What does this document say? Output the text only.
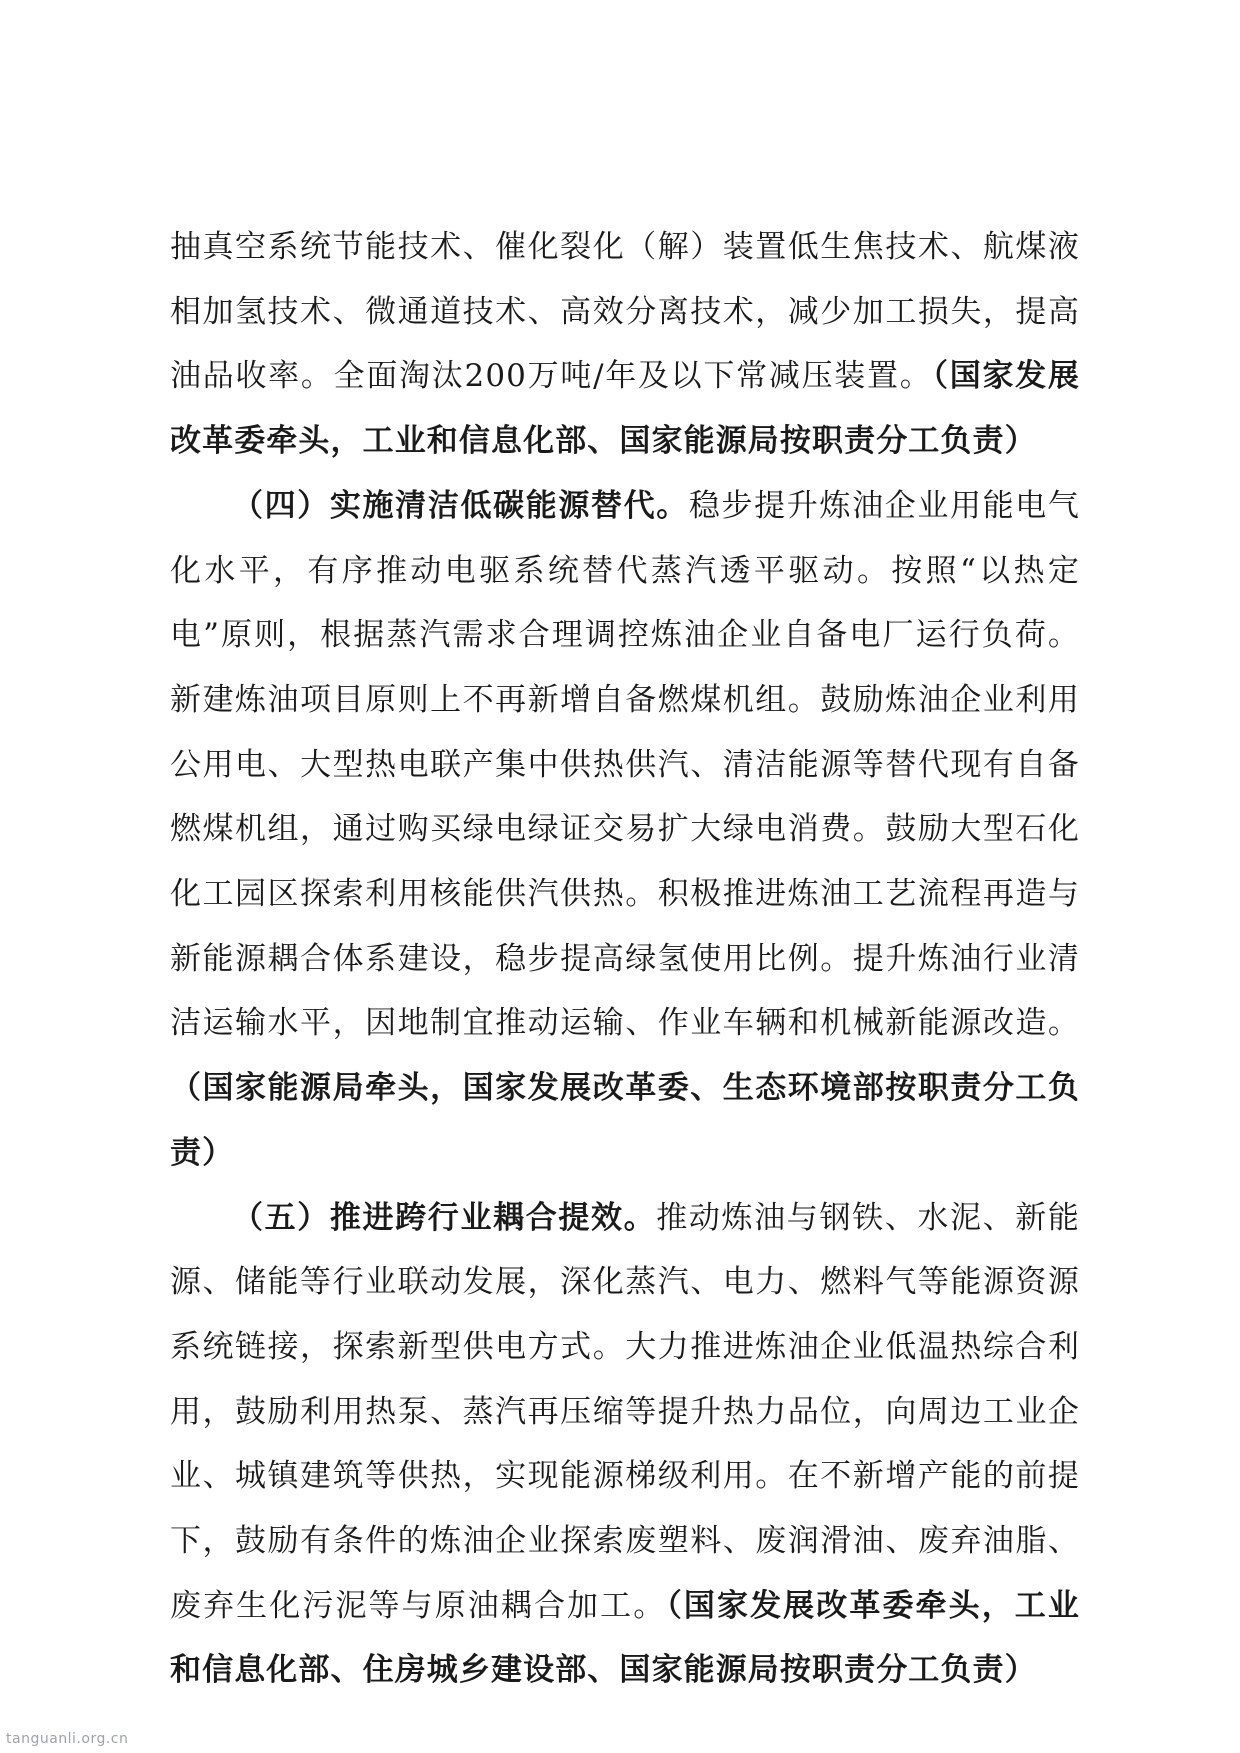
抽真空系统节能技术、催化裂化（解）装置低生焦技术、航煤液相加氢技术、微通道技术、高效分离技术，减少加工损失，提高油品收率。全面淘汰200万吨/年及以下常减压装置。（国家发展改革委牵头，工业和信息化部、国家能源局按职责分工负责）

（四）实施清洁低碳能源替代。稳步提升炼油企业用能电气化水平，有序推动电驱系统替代蒸汽透平驱动。按照“以热定电”原则，根据蒸汽需求合理调控炼油企业自备电厂运行负荷。新建炼油项目原则上不再新增自备燃煤机组。鼓励炼油企业利用公用电、大型热电联产集中供热供汽、清洁能源等替代现有自备燃煤机组，通过购买绿电绿证交易扩大绿电消费。鼓励大型石化化工园区探索利用核能供汽供热。积极推进炼油工艺流程再造与新能源耦合体系建设，稳步提高绿氢使用比例。提升炼油行业清洁运输水平，因地制宜推动运输、作业车辆和机械新能源改造。（国家能源局牵头，国家发展改革委、生态环境部按职责分工负责）

（五）推进跨行业耦合提效。推动炼油与钢铁、水泥、新能源、储能等行业联动发展，深化蒸汽、电力、燃料气等能源资源系统链接，探索新型供电方式。大力推进炼油企业低温热综合利用，鼓励利用热泵、蒸汽再压缩等提升热力品位，向周边工业企业、城镇建筑等供热，实现能源梯级利用。在不新增产能的前提下，鼓励有条件的炼油企业探索废塑料、废润滑油、废弃油脂、废弃生化污泥等与原油耦合加工。（国家发展改革委牵头，工业和信息化部、住房城乡建设部、国家能源局按职责分工负责）

tanguanli.org.cn
